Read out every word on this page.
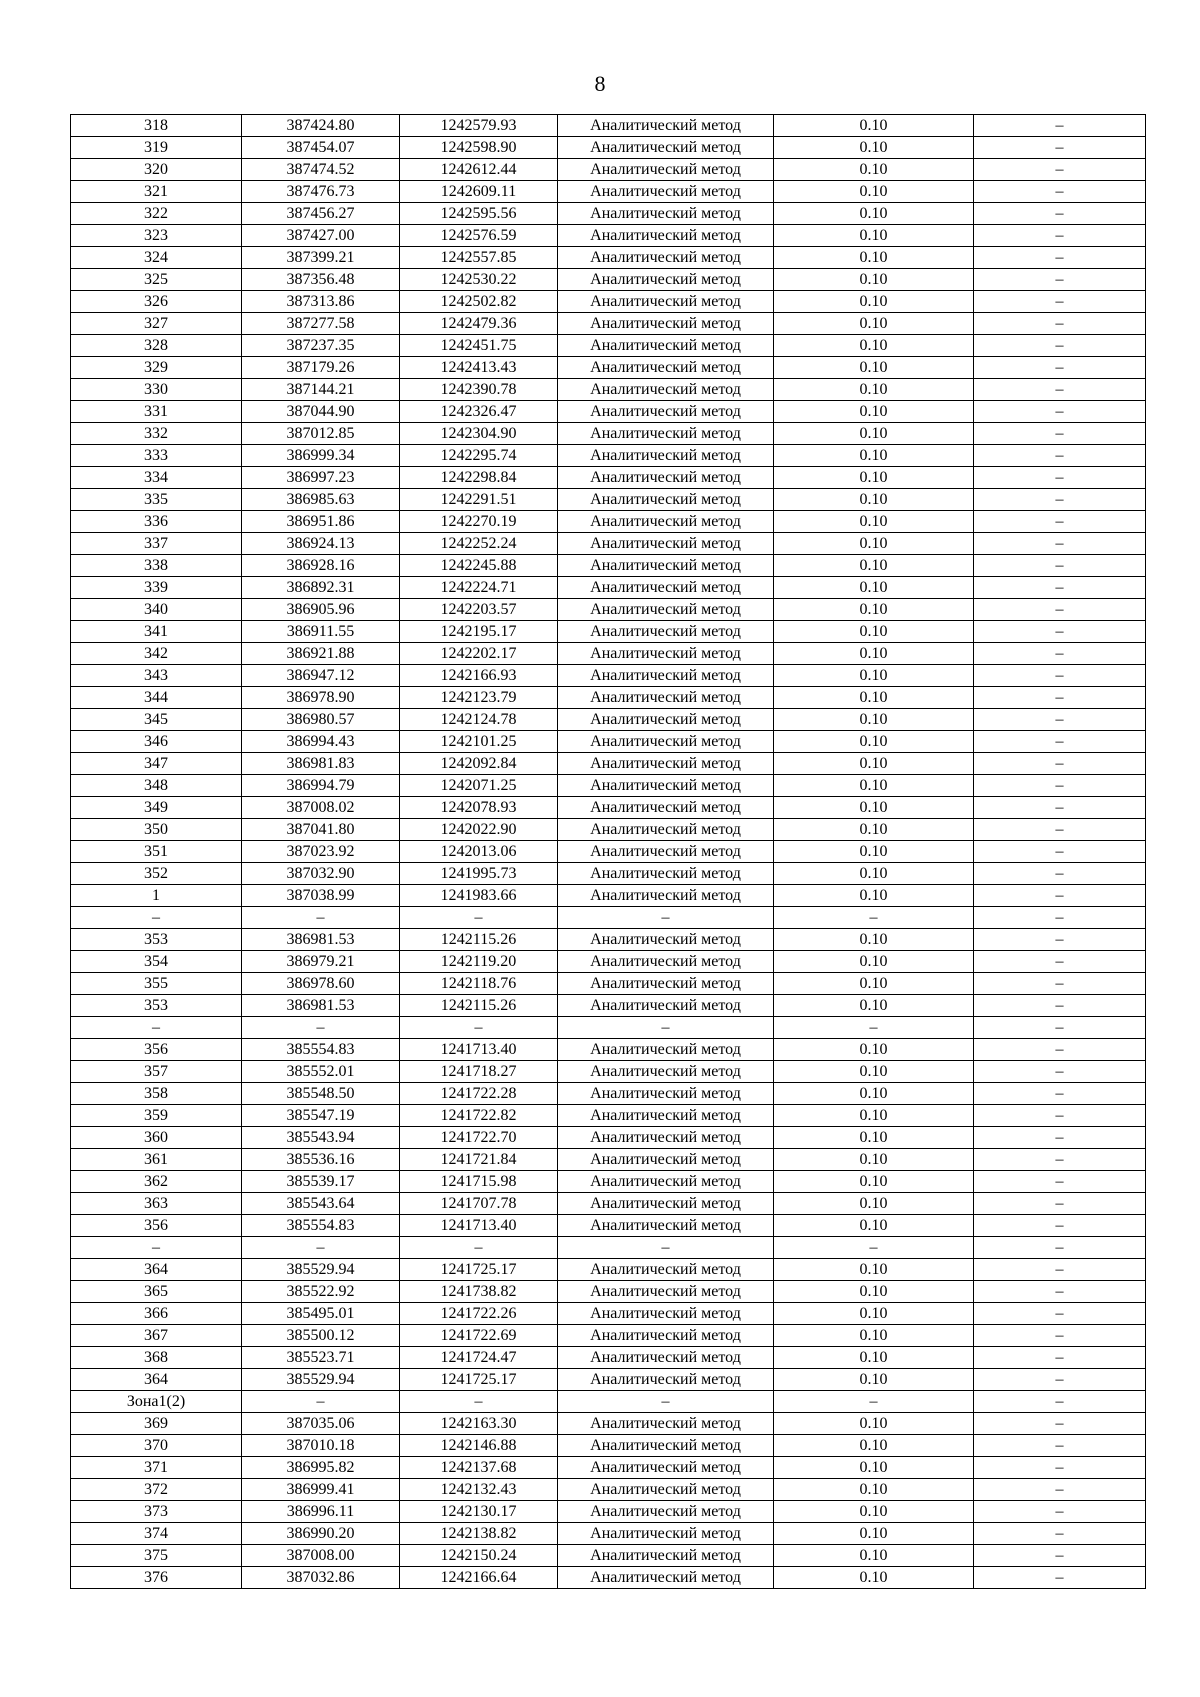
8
318	387424.80	1242579.93	Аналитический метод	0.10	–
319	387454.07	1242598.90	Аналитический метод	0.10	–
320	387474.52	1242612.44	Аналитический метод	0.10	–
321	387476.73	1242609.11	Аналитический метод	0.10	–
322	387456.27	1242595.56	Аналитический метод	0.10	–
323	387427.00	1242576.59	Аналитический метод	0.10	–
324	387399.21	1242557.85	Аналитический метод	0.10	–
325	387356.48	1242530.22	Аналитический метод	0.10	–
326	387313.86	1242502.82	Аналитический метод	0.10	–
327	387277.58	1242479.36	Аналитический метод	0.10	–
328	387237.35	1242451.75	Аналитический метод	0.10	–
329	387179.26	1242413.43	Аналитический метод	0.10	–
330	387144.21	1242390.78	Аналитический метод	0.10	–
331	387044.90	1242326.47	Аналитический метод	0.10	–
332	387012.85	1242304.90	Аналитический метод	0.10	–
333	386999.34	1242295.74	Аналитический метод	0.10	–
334	386997.23	1242298.84	Аналитический метод	0.10	–
335	386985.63	1242291.51	Аналитический метод	0.10	–
336	386951.86	1242270.19	Аналитический метод	0.10	–
337	386924.13	1242252.24	Аналитический метод	0.10	–
338	386928.16	1242245.88	Аналитический метод	0.10	–
339	386892.31	1242224.71	Аналитический метод	0.10	–
340	386905.96	1242203.57	Аналитический метод	0.10	–
341	386911.55	1242195.17	Аналитический метод	0.10	–
342	386921.88	1242202.17	Аналитический метод	0.10	–
343	386947.12	1242166.93	Аналитический метод	0.10	–
344	386978.90	1242123.79	Аналитический метод	0.10	–
345	386980.57	1242124.78	Аналитический метод	0.10	–
346	386994.43	1242101.25	Аналитический метод	0.10	–
347	386981.83	1242092.84	Аналитический метод	0.10	–
348	386994.79	1242071.25	Аналитический метод	0.10	–
349	387008.02	1242078.93	Аналитический метод	0.10	–
350	387041.80	1242022.90	Аналитический метод	0.10	–
351	387023.92	1242013.06	Аналитический метод	0.10	–
352	387032.90	1241995.73	Аналитический метод	0.10	–
1	387038.99	1241983.66	Аналитический метод	0.10	–
–	–	–	–	–	–
353	386981.53	1242115.26	Аналитический метод	0.10	–
354	386979.21	1242119.20	Аналитический метод	0.10	–
355	386978.60	1242118.76	Аналитический метод	0.10	–
353	386981.53	1242115.26	Аналитический метод	0.10	–
–	–	–	–	–	–
356	385554.83	1241713.40	Аналитический метод	0.10	–
357	385552.01	1241718.27	Аналитический метод	0.10	–
358	385548.50	1241722.28	Аналитический метод	0.10	–
359	385547.19	1241722.82	Аналитический метод	0.10	–
360	385543.94	1241722.70	Аналитический метод	0.10	–
361	385536.16	1241721.84	Аналитический метод	0.10	–
362	385539.17	1241715.98	Аналитический метод	0.10	–
363	385543.64	1241707.78	Аналитический метод	0.10	–
356	385554.83	1241713.40	Аналитический метод	0.10	–
–	–	–	–	–	–
364	385529.94	1241725.17	Аналитический метод	0.10	–
365	385522.92	1241738.82	Аналитический метод	0.10	–
366	385495.01	1241722.26	Аналитический метод	0.10	–
367	385500.12	1241722.69	Аналитический метод	0.10	–
368	385523.71	1241724.47	Аналитический метод	0.10	–
364	385529.94	1241725.17	Аналитический метод	0.10	–
Зона1(2)	–	–	–	–	–
369	387035.06	1242163.30	Аналитический метод	0.10	–
370	387010.18	1242146.88	Аналитический метод	0.10	–
371	386995.82	1242137.68	Аналитический метод	0.10	–
372	386999.41	1242132.43	Аналитический метод	0.10	–
373	386996.11	1242130.17	Аналитический метод	0.10	–
374	386990.20	1242138.82	Аналитический метод	0.10	–
375	387008.00	1242150.24	Аналитический метод	0.10	–
376	387032.86	1242166.64	Аналитический метод	0.10	–
